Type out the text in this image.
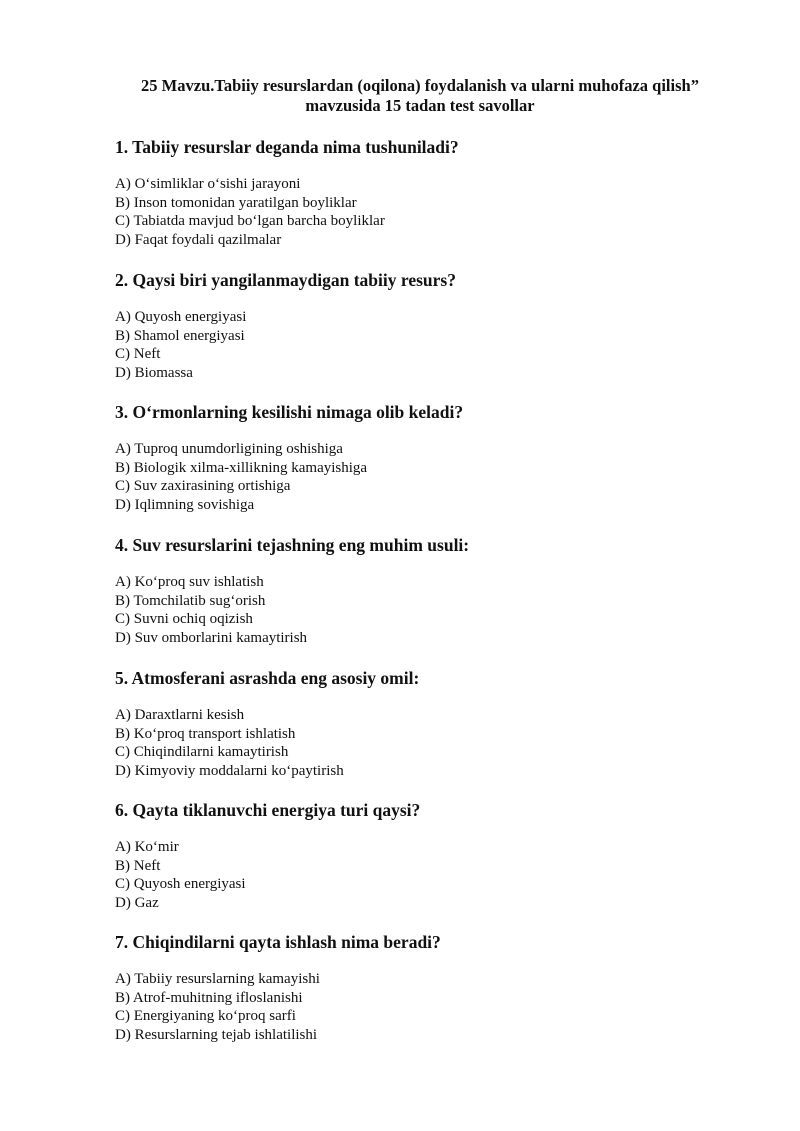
25 Mavzu.Tabiiy resurslardan (oqilona) foydalanish va ularni muhofaza qilish”
mavzusida 15 tadan test savollar

1. Tabiiy resurslar deganda nima tushuniladi?

A) O‘simliklar o‘sishi jarayoni
B) Inson tomonidan yaratilgan boyliklar
C) Tabiatda mavjud bo‘lgan barcha boyliklar
D) Faqat foydali qazilmalar

2. Qaysi biri yangilanmaydigan tabiiy resurs?

A) Quyosh energiyasi
B) Shamol energiyasi
C) Neft
D) Biomassa

3. O‘rmonlarning kesilishi nimaga olib keladi?

A) Tuproq unumdorligining oshishiga
B) Biologik xilma-xillikning kamayishiga
C) Suv zaxirasining ortishiga
D) Iqlimning sovishiga

4. Suv resurslarini tejashning eng muhim usuli:

A) Ko‘proq suv ishlatish
B) Tomchilatib sug‘orish
C) Suvni ochiq oqizish
D) Suv omborlarini kamaytirish

5. Atmosferani asrashda eng asosiy omil:

A) Daraxtlarni kesish
B) Ko‘proq transport ishlatish
C) Chiqindilarni kamaytirish
D) Kimyoviy moddalarni ko‘paytirish

6. Qayta tiklanuvchi energiya turi qaysi?

A) Ko‘mir
B) Neft
C) Quyosh energiyasi
D) Gaz

7. Chiqindilarni qayta ishlash nima beradi?

A) Tabiiy resurslarning kamayishi
B) Atrof-muhitning ifloslanishi
C) Energiyaning ko‘proq sarfi
D) Resurslarning tejab ishlatilishi
